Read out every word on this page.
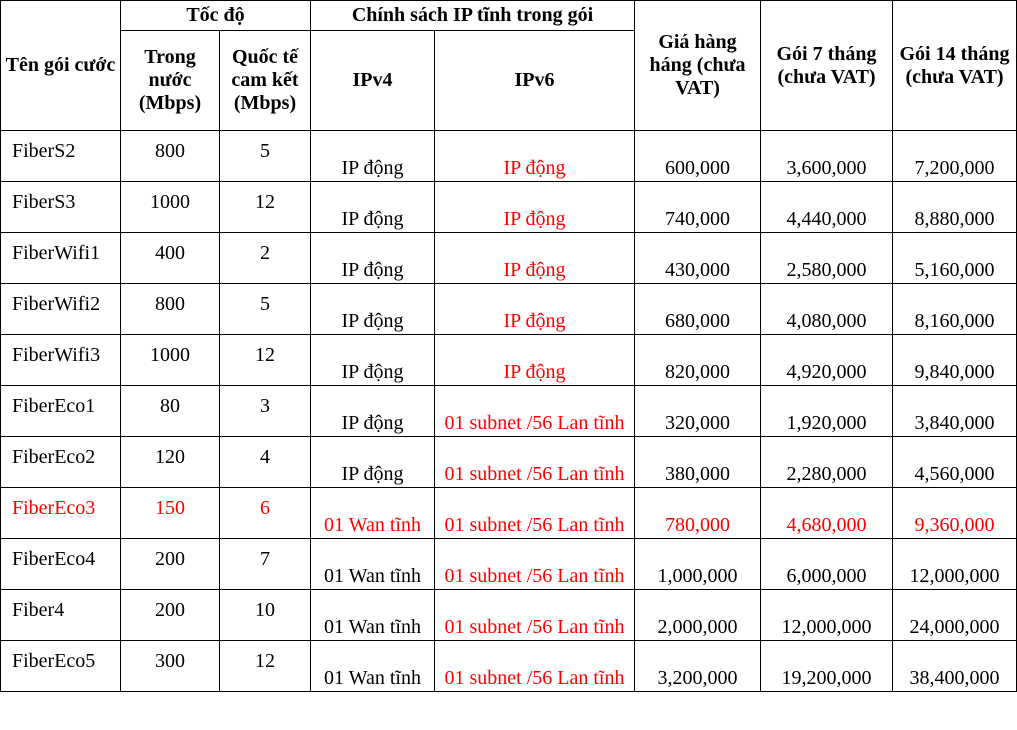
Tên gói cước	Tốc độ		Chính sách IP tĩnh trong gói		Giá hàng háng (chưa VAT)	Gói 7 tháng (chưa VAT)	Gói 14 tháng (chưa VAT)
	Trong nước (Mbps)	Quốc tế cam kết (Mbps)	IPv4	IPv6			
FiberS2	800	5	IP động	IP động	600,000	3,600,000	7,200,000
FiberS3	1000	12	IP động	IP động	740,000	4,440,000	8,880,000
FiberWifi1	400	2	IP động	IP động	430,000	2,580,000	5,160,000
FiberWifi2	800	5	IP động	IP động	680,000	4,080,000	8,160,000
FiberWifi3	1000	12	IP động	IP động	820,000	4,920,000	9,840,000
FiberEco1	80	3	IP động	01 subnet /56 Lan tĩnh	320,000	1,920,000	3,840,000
FiberEco2	120	4	IP động	01 subnet /56 Lan tĩnh	380,000	2,280,000	4,560,000
FiberEco3	150	6	01 Wan tĩnh	01 subnet /56 Lan tĩnh	780,000	4,680,000	9,360,000
FiberEco4	200	7	01 Wan tĩnh	01 subnet /56 Lan tĩnh	1,000,000	6,000,000	12,000,000
Fiber4	200	10	01 Wan tĩnh	01 subnet /56 Lan tĩnh	2,000,000	12,000,000	24,000,000
FiberEco5	300	12	01 Wan tĩnh	01 subnet /56 Lan tĩnh	3,200,000	19,200,000	38,400,000
